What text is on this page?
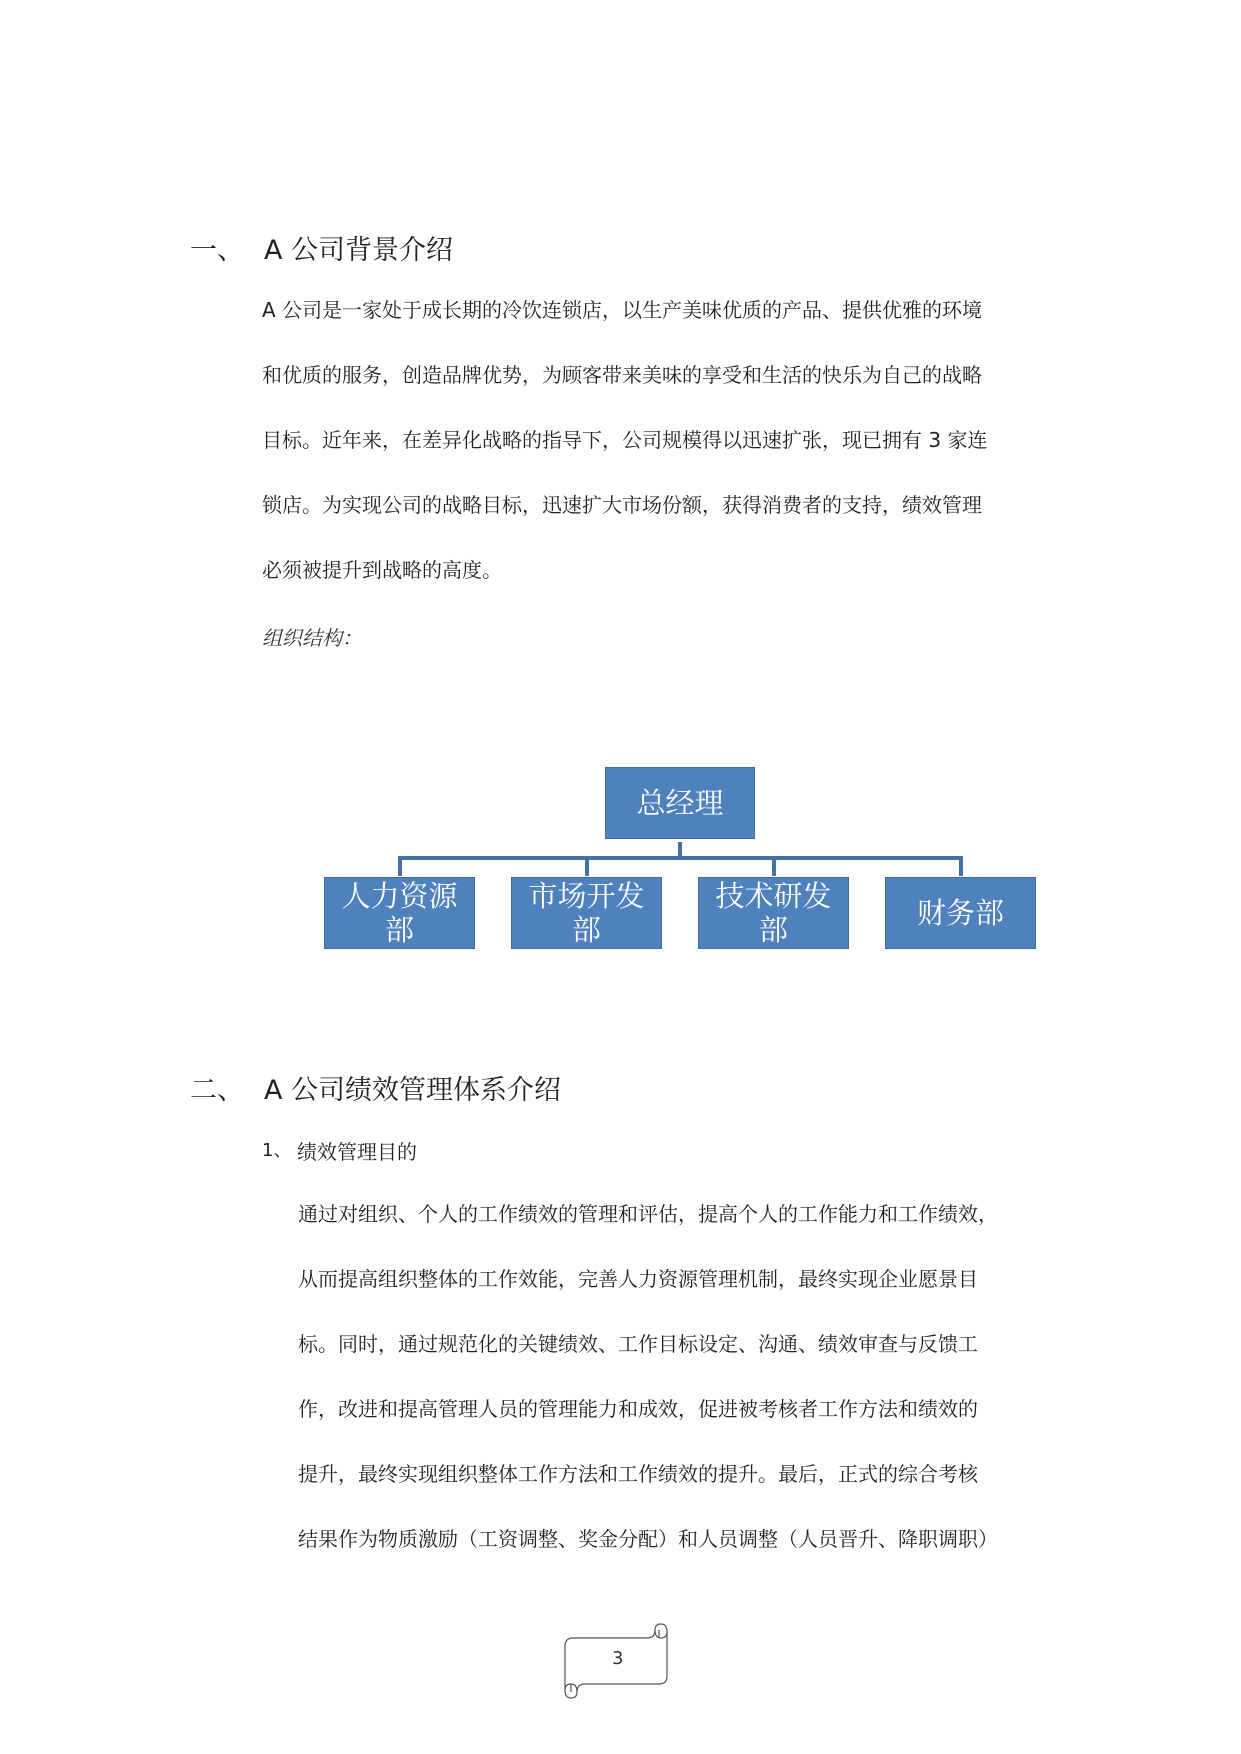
一、 A 公司背景介绍
A 公司是一家处于成长期的冷饮连锁店，以生产美味优质的产品、提供优雅的环境
和优质的服务，创造品牌优势，为顾客带来美味的享受和生活的快乐为自己的战略
目标。近年来，在差异化战略的指导下，公司规模得以迅速扩张，现已拥有 3 家连
锁店。为实现公司的战略目标，迅速扩大市场份额，获得消费者的支持，绩效管理
必须被提升到战略的高度。
组织结构：
总经理
人力资源
部
市场开发
部
技术研发
部	财务部
二、 A 公司绩效管理体系介绍
1、 绩效管理目的
通过对组织、个人的工作绩效的管理和评估，提高个人的工作能力和工作绩效，
从而提高组织整体的工作效能，完善人力资源管理机制，最终实现企业愿景目
标。同时，通过规范化的关键绩效、工作目标设定、沟通、绩效审查与反馈工
作，改进和提高管理人员的管理能力和成效，促进被考核者工作方法和绩效的
提升，最终实现组织整体工作方法和工作绩效的提升。最后，正式的综合考核
结果作为物质激励（工资调整、奖金分配）和人员调整（人员晋升、降职调职）
3
